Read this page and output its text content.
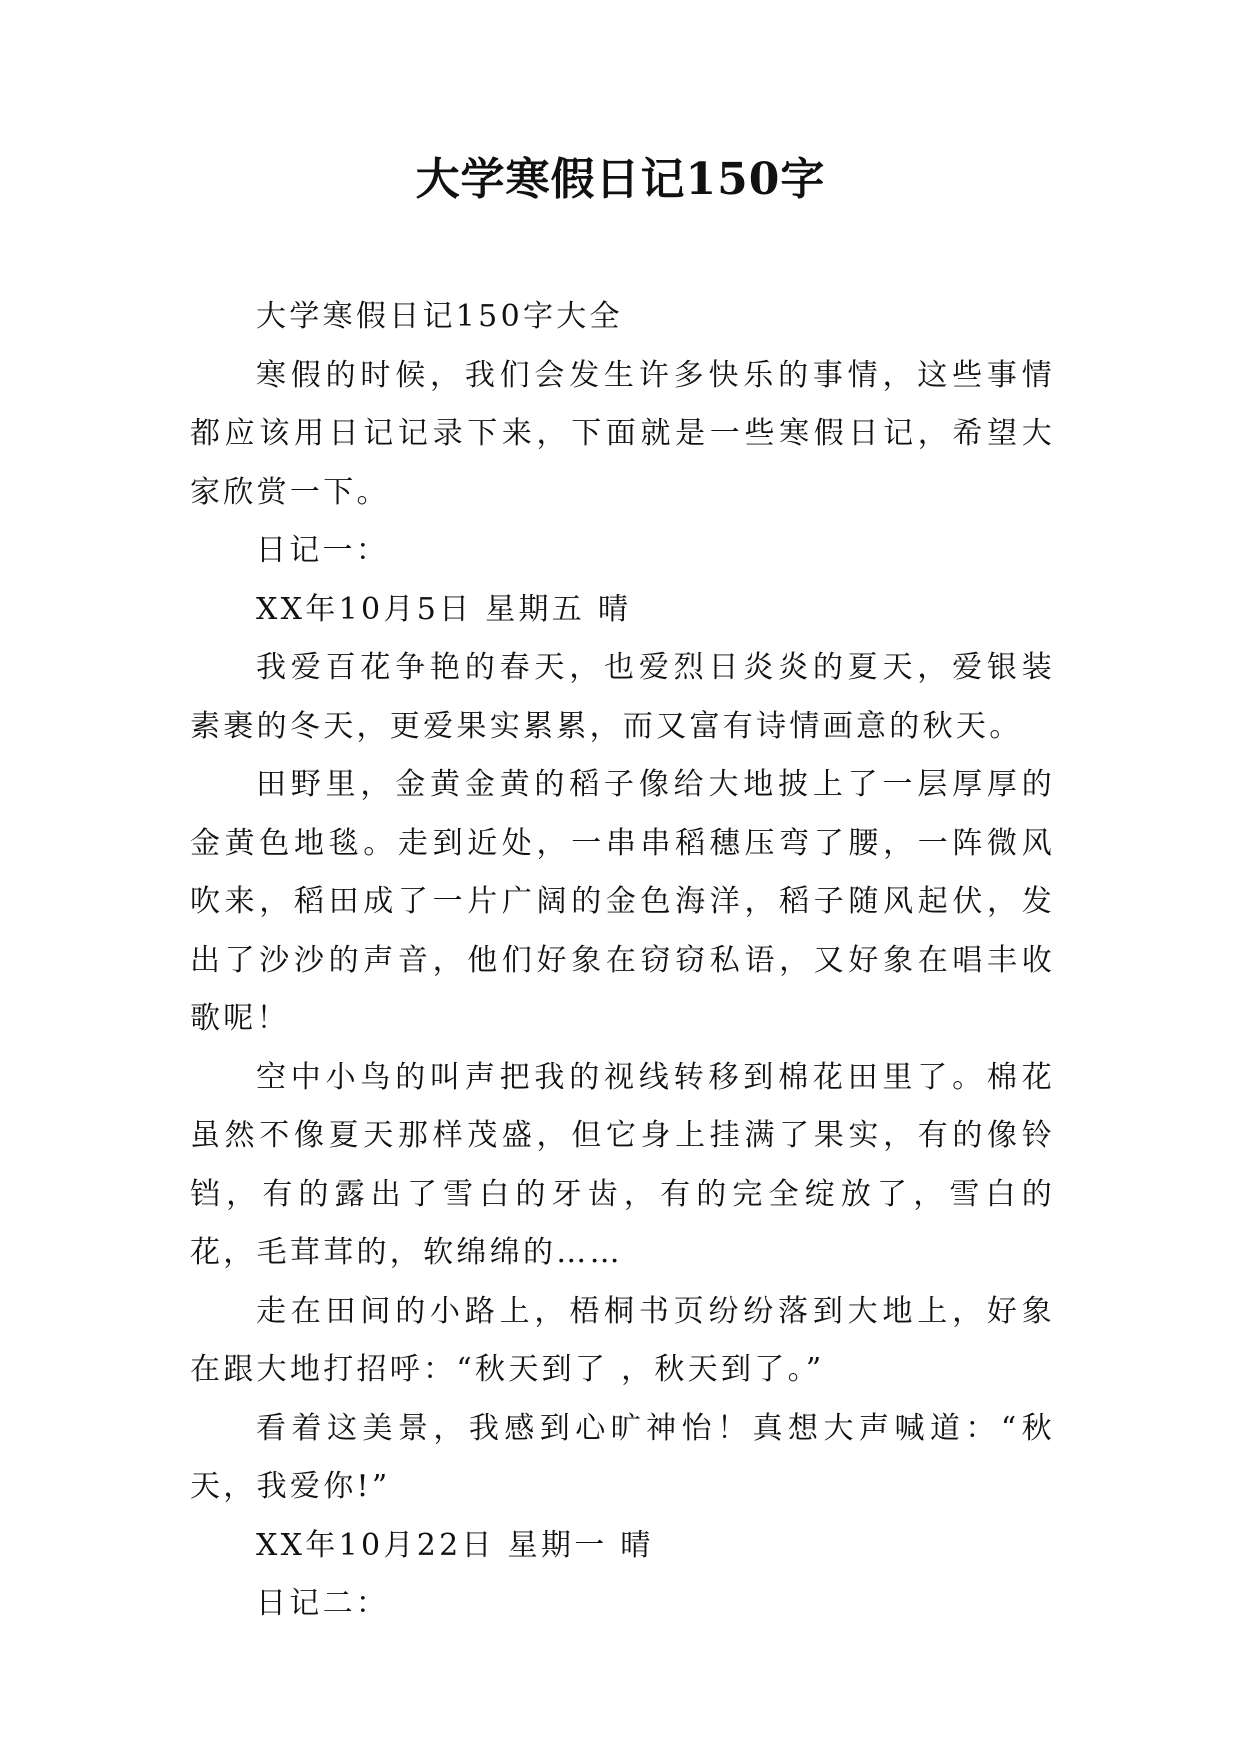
大学寒假日记150字

大学寒假日记150字大全

寒假的时候，我们会发生许多快乐的事情，这些事情都应该用日记记录下来，下面就是一些寒假日记，希望大家欣赏一下。

日记一：

XX年10月5日 星期五 晴

我爱百花争艳的春天，也爱烈日炎炎的夏天，爱银装素裹的冬天，更爱果实累累，而又富有诗情画意的秋天。

田野里，金黄金黄的稻子像给大地披上了一层厚厚的金黄色地毯。走到近处，一串串稻穗压弯了腰，一阵微风吹来，稻田成了一片广阔的金色海洋，稻子随风起伏，发出了沙沙的声音，他们好象在窃窃私语，又好象在唱丰收歌呢！

空中小鸟的叫声把我的视线转移到棉花田里了。棉花虽然不像夏天那样茂盛，但它身上挂满了果实，有的像铃铛，有的露出了雪白的牙齿，有的完全绽放了，雪白的花，毛茸茸的，软绵绵的……

走在田间的小路上，梧桐书页纷纷落到大地上，好象在跟大地打招呼：“秋天到了 ，秋天到了。”

看着这美景，我感到心旷神怡！真想大声喊道：“秋天，我爱你!”

XX年10月22日 星期一 晴

日记二：
